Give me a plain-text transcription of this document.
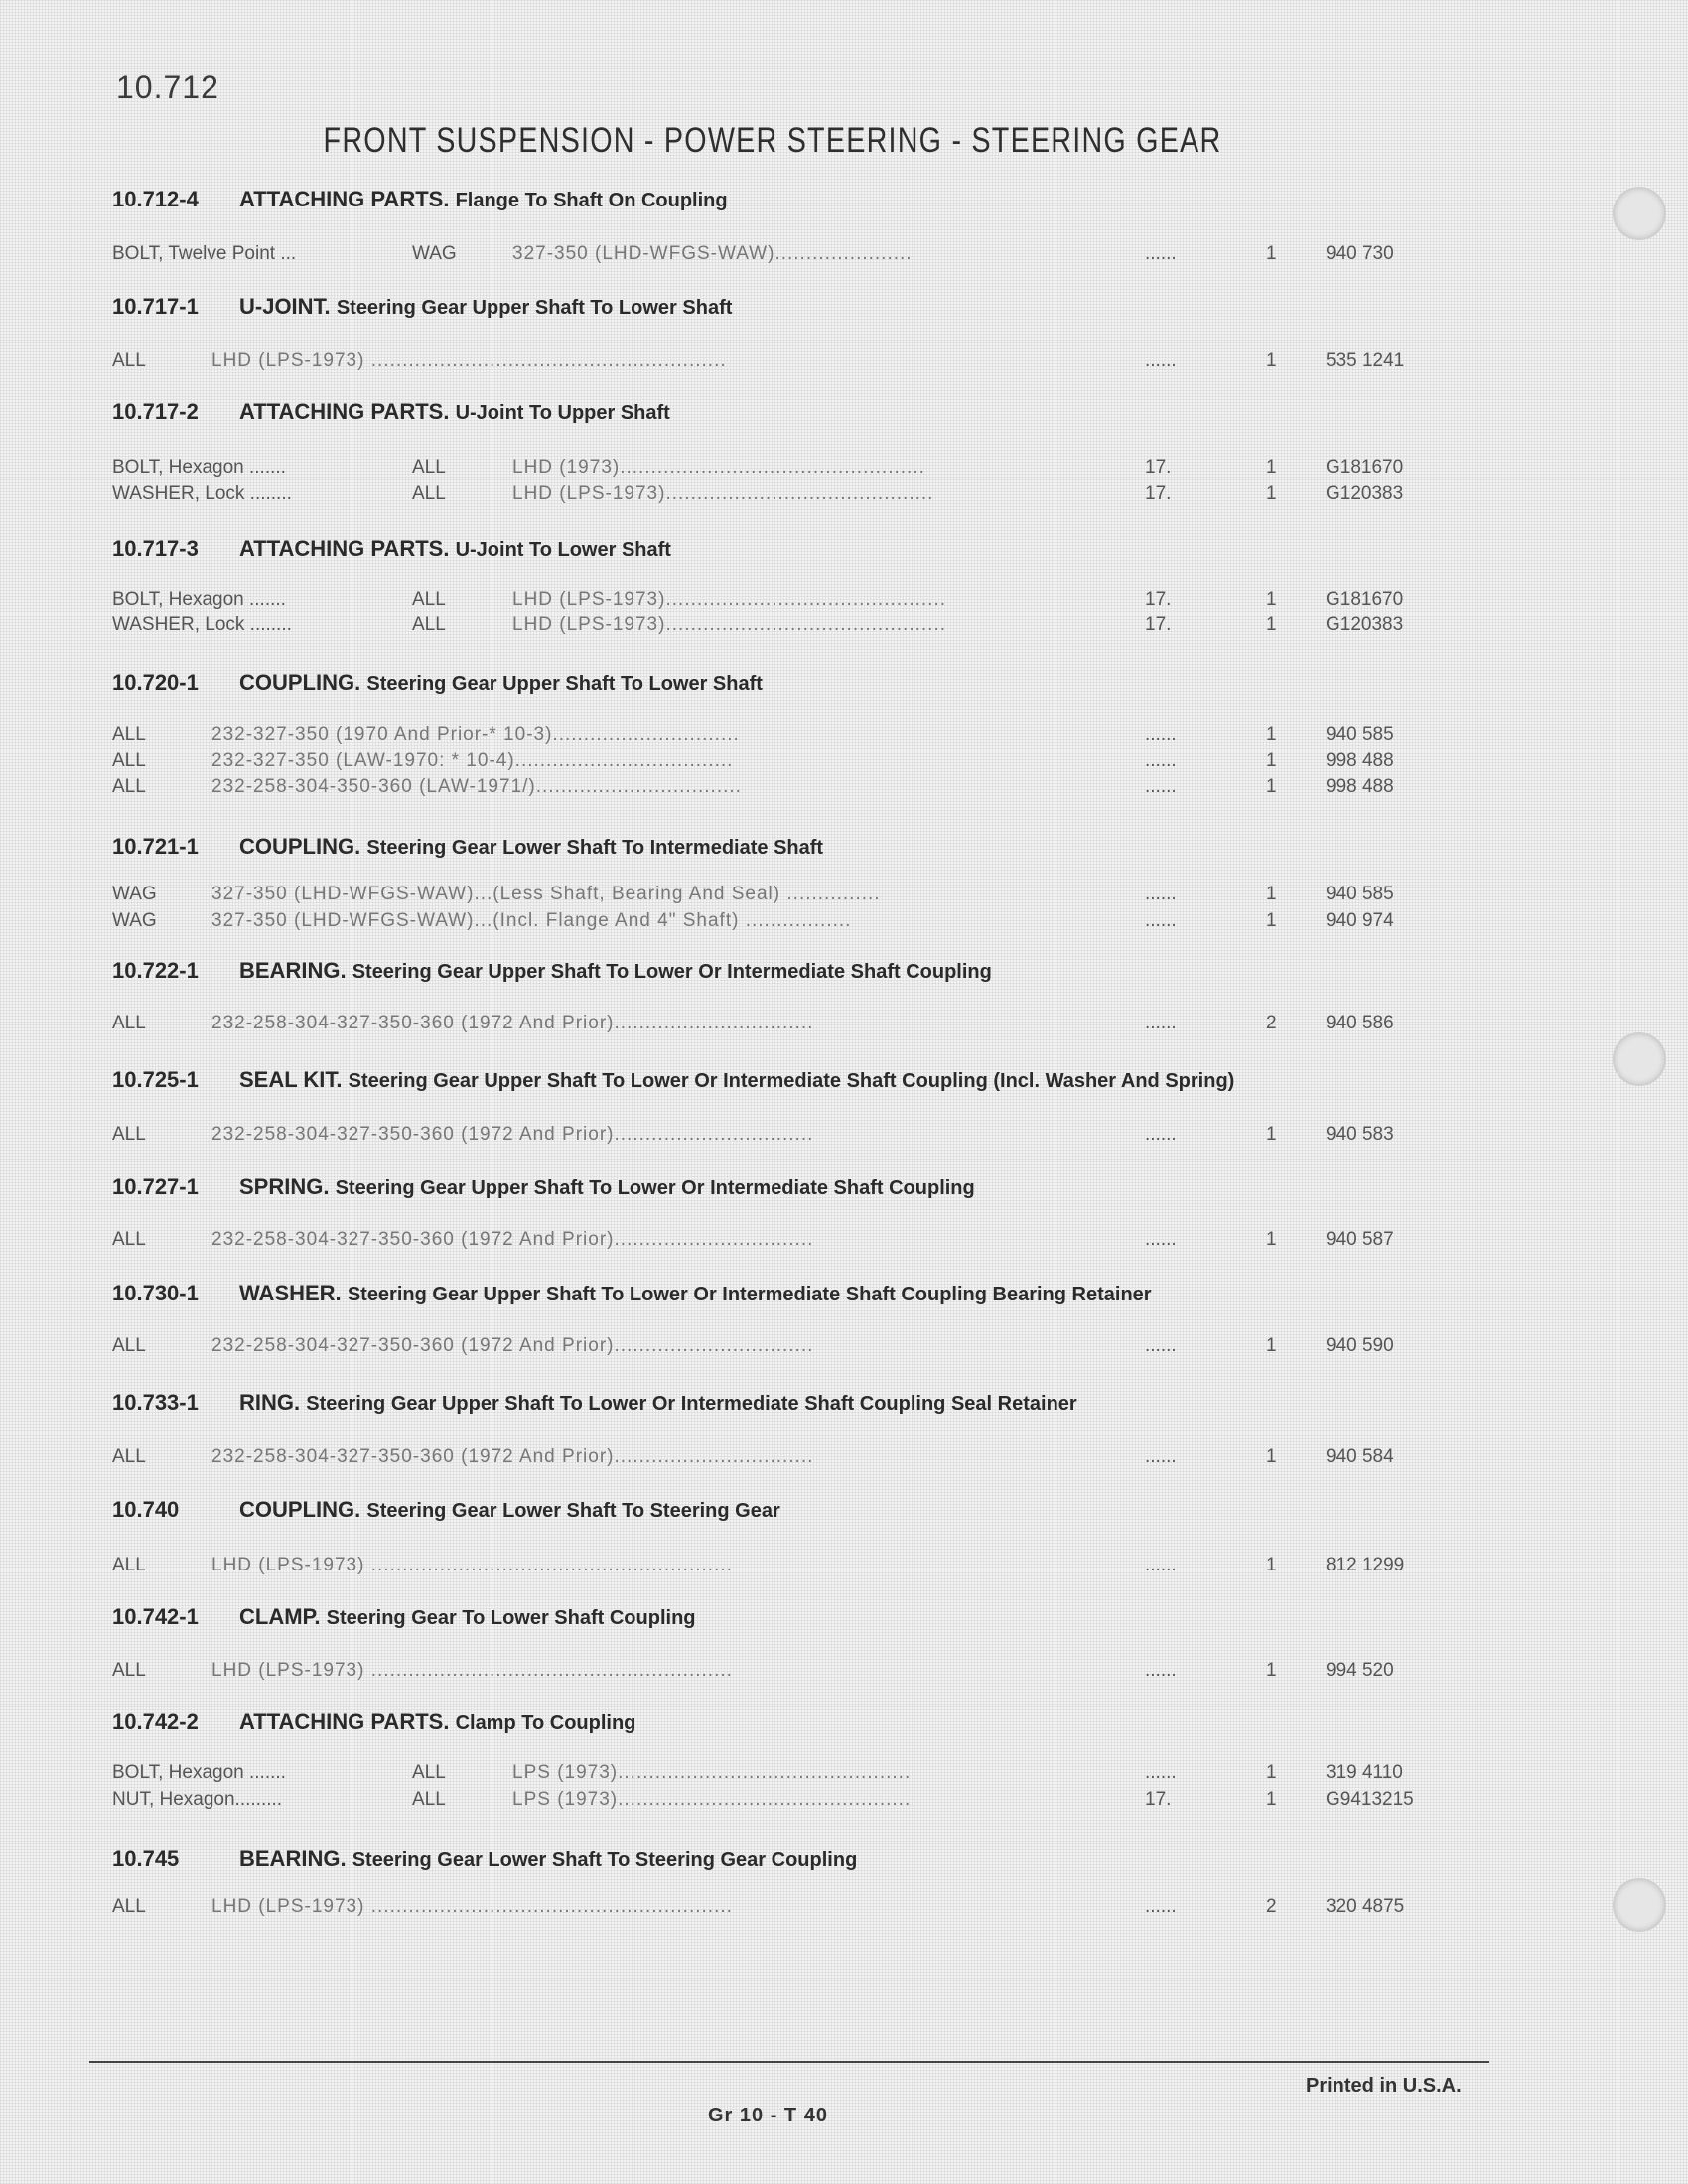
10.712
FRONT SUSPENSION - POWER STEERING - STEERING GEAR
10.712-4 ATTACHING PARTS. Flange To Shaft On Coupling
BOLT, Twelve Point ...	WAG	327-350 (LHD-WFGS-WAW)......................	......	1	940 730
10.717-1 U-JOINT. Steering Gear Upper Shaft To Lower Shaft
ALL	LHD (LPS-1973) .........................................................	......	1	535 1241
10.717-2 ATTACHING PARTS. U-Joint To Upper Shaft
BOLT, Hexagon .......	ALL	LHD (1973).................................................	17.	1	G181670
WASHER, Lock ........	ALL	LHD (LPS-1973)...........................................	17.	1	G120383
10.717-3 ATTACHING PARTS. U-Joint To Lower Shaft
BOLT, Hexagon .......	ALL	LHD (LPS-1973).............................................	17.	1	G181670
WASHER, Lock ........	ALL	LHD (LPS-1973).............................................	17.	1	G120383
10.720-1 COUPLING. Steering Gear Upper Shaft To Lower Shaft
ALL	232-327-350 (1970 And Prior-* 10-3)..............................	......	1	940 585
ALL	232-327-350 (LAW-1970: * 10-4)...................................	......	1	998 488
ALL	232-258-304-350-360 (LAW-1971/).................................	......	1	998 488
10.721-1 COUPLING. Steering Gear Lower Shaft To Intermediate Shaft
WAG	327-350 (LHD-WFGS-WAW)...(Less Shaft, Bearing And Seal) ...............	......	1	940 585
WAG	327-350 (LHD-WFGS-WAW)...(Incl. Flange And 4" Shaft) .................	......	1	940 974
10.722-1 BEARING. Steering Gear Upper Shaft To Lower Or Intermediate Shaft Coupling
ALL	232-258-304-327-350-360 (1972 And Prior)................................	......	2	940 586
10.725-1 SEAL KIT. Steering Gear Upper Shaft To Lower Or Intermediate Shaft Coupling (Incl. Washer And Spring)
ALL	232-258-304-327-350-360 (1972 And Prior)................................	......	1	940 583
10.727-1 SPRING. Steering Gear Upper Shaft To Lower Or Intermediate Shaft Coupling
ALL	232-258-304-327-350-360 (1972 And Prior)................................	......	1	940 587
10.730-1 WASHER. Steering Gear Upper Shaft To Lower Or Intermediate Shaft Coupling Bearing Retainer
ALL	232-258-304-327-350-360 (1972 And Prior)................................	......	1	940 590
10.733-1 RING. Steering Gear Upper Shaft To Lower Or Intermediate Shaft Coupling Seal Retainer
ALL	232-258-304-327-350-360 (1972 And Prior)................................	......	1	940 584
10.740	COUPLING. Steering Gear Lower Shaft To Steering Gear
ALL	LHD (LPS-1973) ..........................................................	......	1	812 1299
10.742-1 CLAMP. Steering Gear To Lower Shaft Coupling
ALL	LHD (LPS-1973) ..........................................................	......	1	994 520
10.742-2 ATTACHING PARTS. Clamp To Coupling
BOLT, Hexagon .......	ALL	LPS (1973)...............................................	......	1	319 4110
NUT, Hexagon.........	ALL	LPS (1973)...............................................	17.	1	G9413215
10.745	BEARING. Steering Gear Lower Shaft To Steering Gear Coupling
ALL	LHD (LPS-1973) ..........................................................	......	2	320 4875
Printed in U.S.A.
Gr 10 - T 40
